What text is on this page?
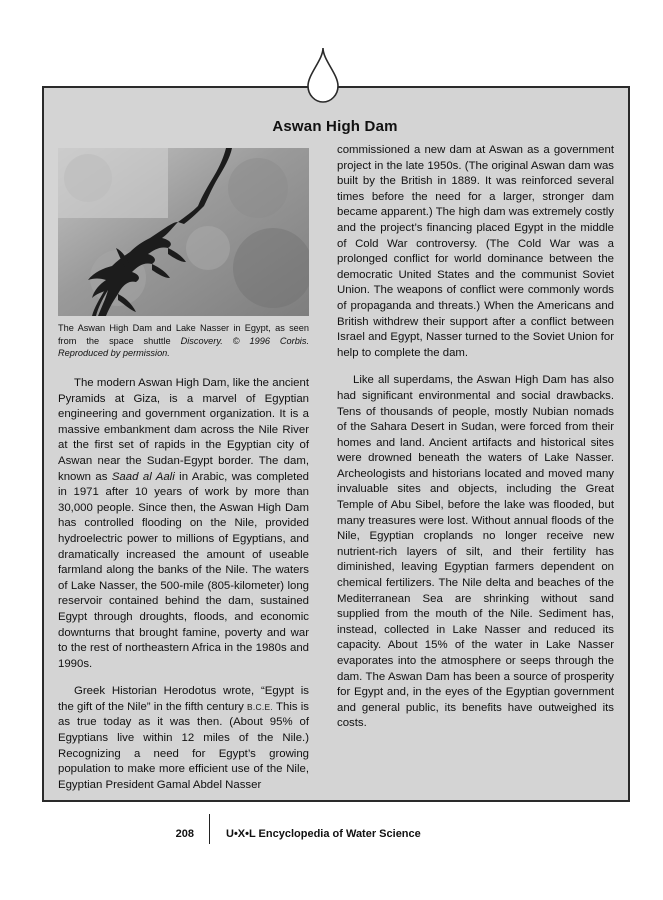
Aswan High Dam

The Aswan High Dam and Lake Nasser in Egypt, as seen from the space shuttle Discovery. © 1996 Corbis. Reproduced by permission.

The modern Aswan High Dam, like the ancient Pyramids at Giza, is a marvel of Egyptian engineering and government organization. It is a massive embankment dam across the Nile River at the first set of rapids in the Egyptian city of Aswan near the Sudan-Egypt border. The dam, known as Saad al Aali in Arabic, was completed in 1971 after 10 years of work by more than 30,000 people. Since then, the Aswan High Dam has controlled flooding on the Nile, provided hydroelectric power to millions of Egyptians, and dramatically increased the amount of useable farmland along the banks of the Nile. The waters of Lake Nasser, the 500-mile (805-kilometer) long reservoir contained behind the dam, sustained Egypt through droughts, floods, and economic downturns that brought famine, poverty and war to the rest of northeastern Africa in the 1980s and 1990s.

Greek Historian Herodotus wrote, “Egypt is the gift of the Nile” in the fifth century B.C.E. This is as true today as it was then. (About 95% of Egyptians live within 12 miles of the Nile.) Recognizing a need for Egypt’s growing population to make more efficient use of the Nile, Egyptian President Gamal Abdel Nasser

commissioned a new dam at Aswan as a government project in the late 1950s. (The original Aswan dam was built by the British in 1889. It was reinforced several times before the need for a larger, stronger dam became apparent.) The high dam was extremely costly and the project’s financing placed Egypt in the middle of Cold War controversy. (The Cold War was a prolonged conflict for world dominance between the democratic United States and the communist Soviet Union. The weapons of conflict were commonly words of propaganda and threats.) When the Americans and British withdrew their support after a conflict between Israel and Egypt, Nasser turned to the Soviet Union for help to complete the dam.

Like all superdams, the Aswan High Dam has also had significant environmental and social drawbacks. Tens of thousands of people, mostly Nubian nomads of the Sahara Desert in Sudan, were forced from their homes and land. Ancient artifacts and historical sites were drowned beneath the waters of Lake Nasser. Archeologists and historians located and moved many invaluable sites and objects, including the Great Temple of Abu Sibel, before the lake was flooded, but many treasures were lost. Without annual floods of the Nile, Egyptian croplands no longer receive new nutrient-rich layers of silt, and their fertility has diminished, leaving Egyptian farmers dependent on chemical fertilizers. The Nile delta and beaches of the Mediterranean Sea are shrinking without sand supplied from the mouth of the Nile. Sediment has, instead, collected in Lake Nasser and reduced its capacity. About 15% of the water in Lake Nasser evaporates into the atmosphere or seeps through the dam. The Aswan Dam has been a source of prosperity for Egypt and, in the eyes of the Egyptian government and general public, its benefits have outweighed its costs.

208	U•X•L Encyclopedia of Water Science
